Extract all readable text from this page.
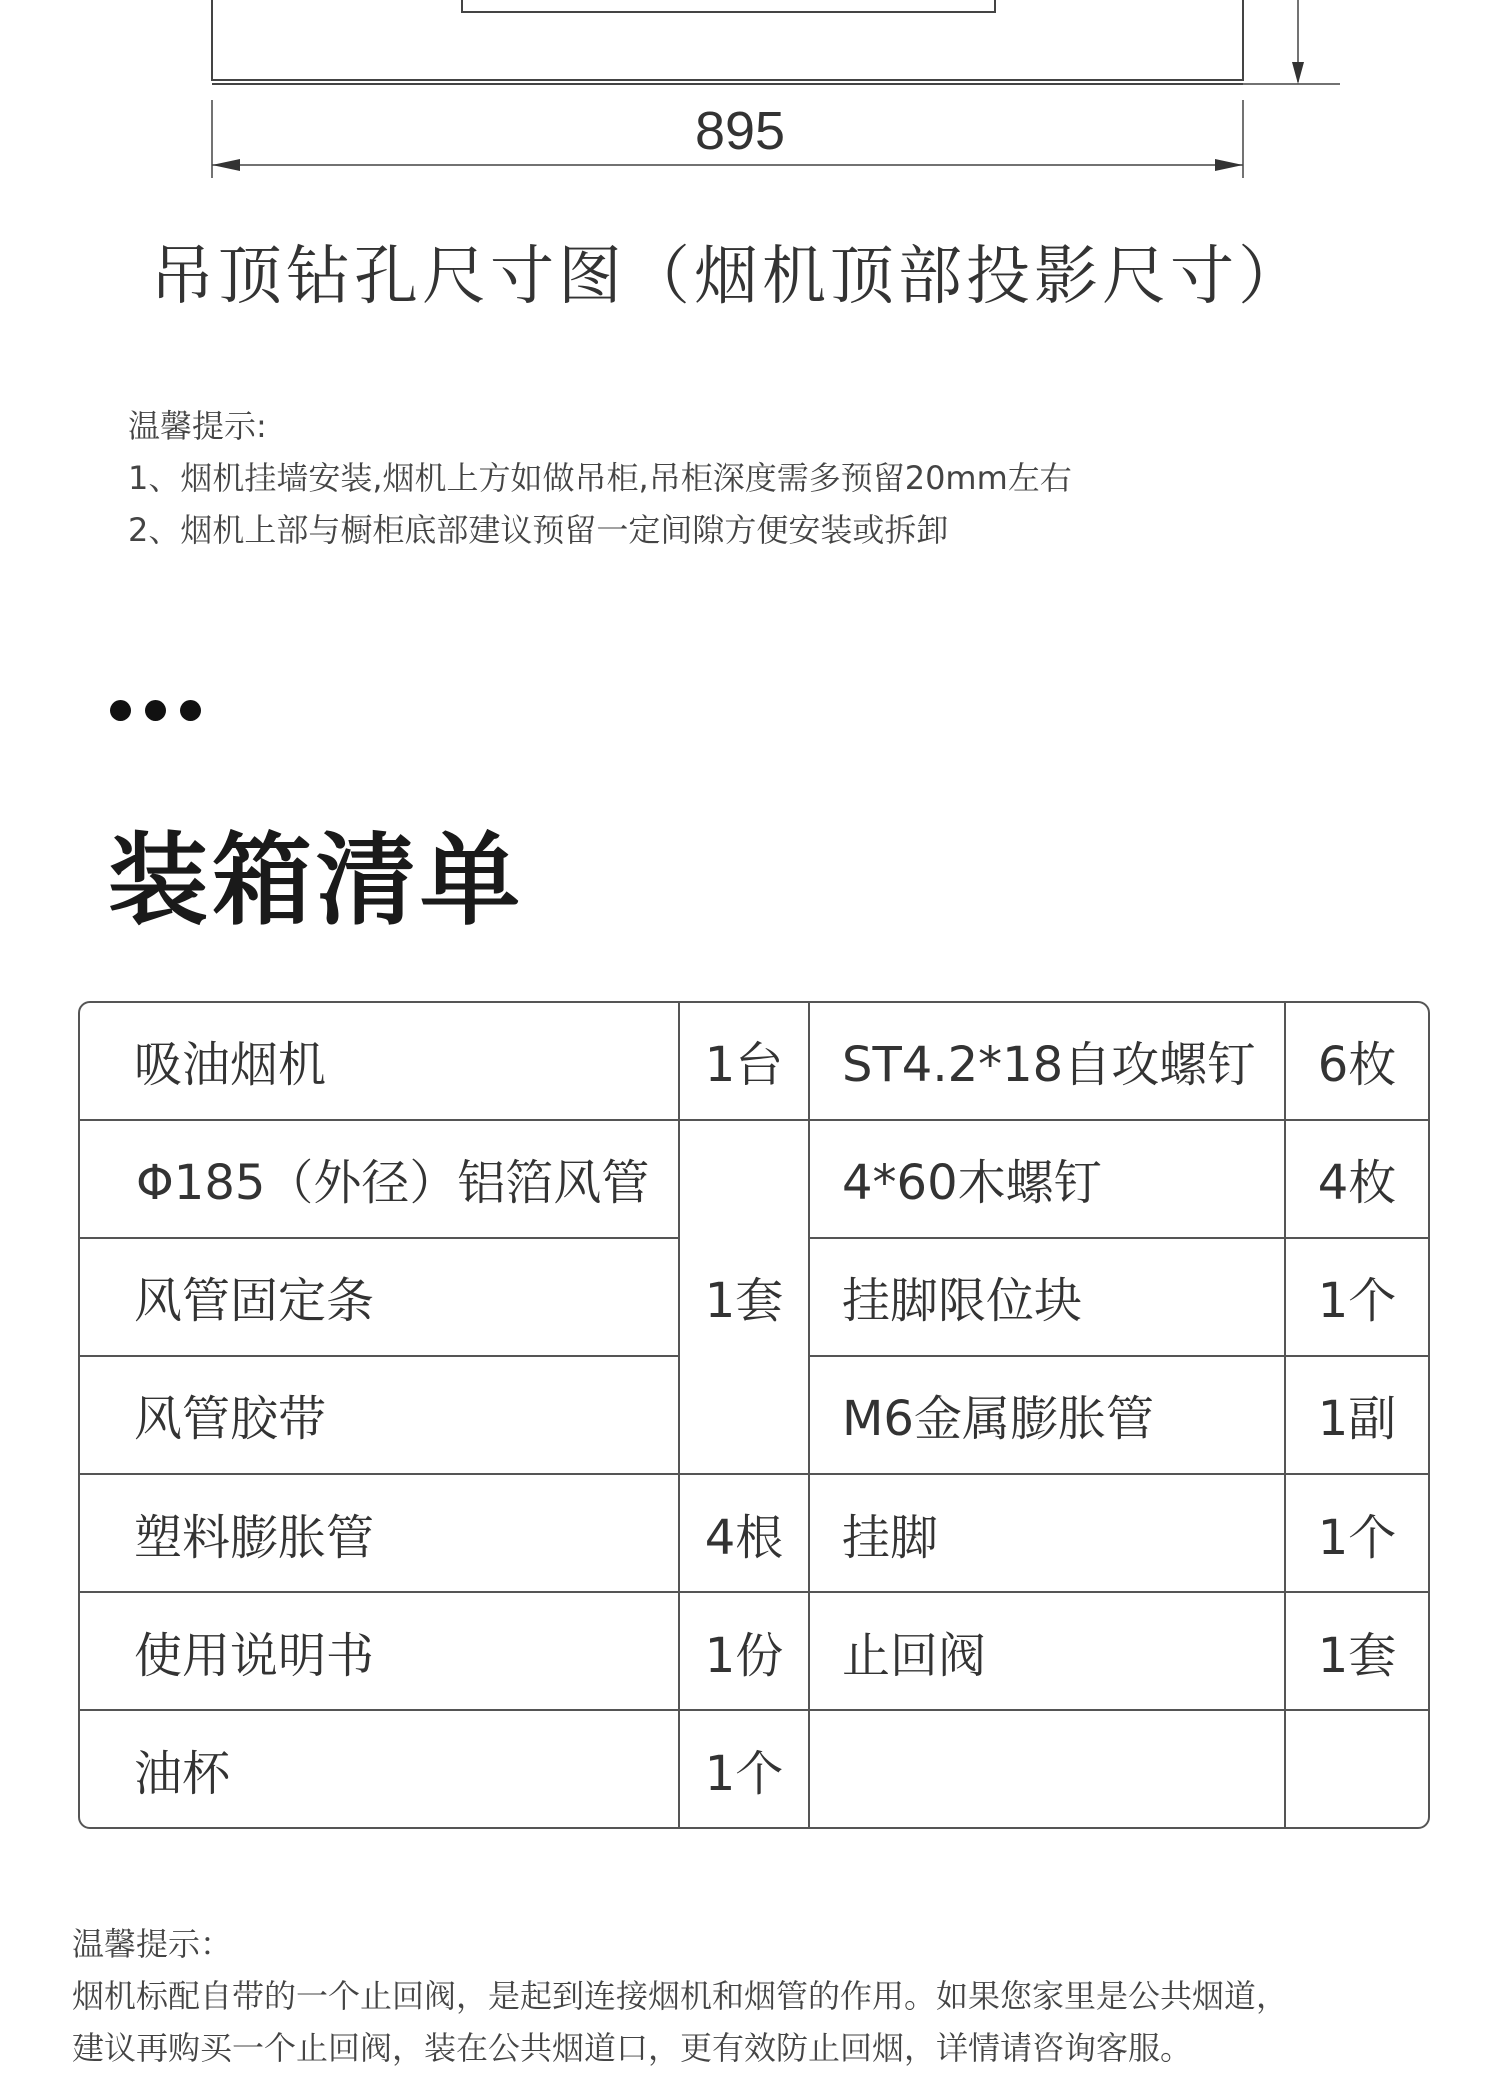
895
吊顶钻孔尺寸图（烟机顶部投影尺寸）
温馨提示:
1、烟机挂墙安装,烟机上方如做吊柜,吊柜深度需多预留20mm左右
2、烟机上部与橱柜底部建议预留一定间隙方便安装或拆卸
装箱清单
吸油烟机	1台	ST4.2*18自攻螺钉	6枚
Φ185（外径）铝箔风管	1套	4*60木螺钉	4枚
风管固定条		挂脚限位块	1个
风管胶带		M6金属膨胀管	1副
塑料膨胀管	4根	挂脚	1个
使用说明书	1份	止回阀	1套
油杯	1个		
温馨提示：
烟机标配自带的一个止回阀，是起到连接烟机和烟管的作用。如果您家里是公共烟道，
建议再购买一个止回阀，装在公共烟道口，更有效防止回烟，详情请咨询客服。
